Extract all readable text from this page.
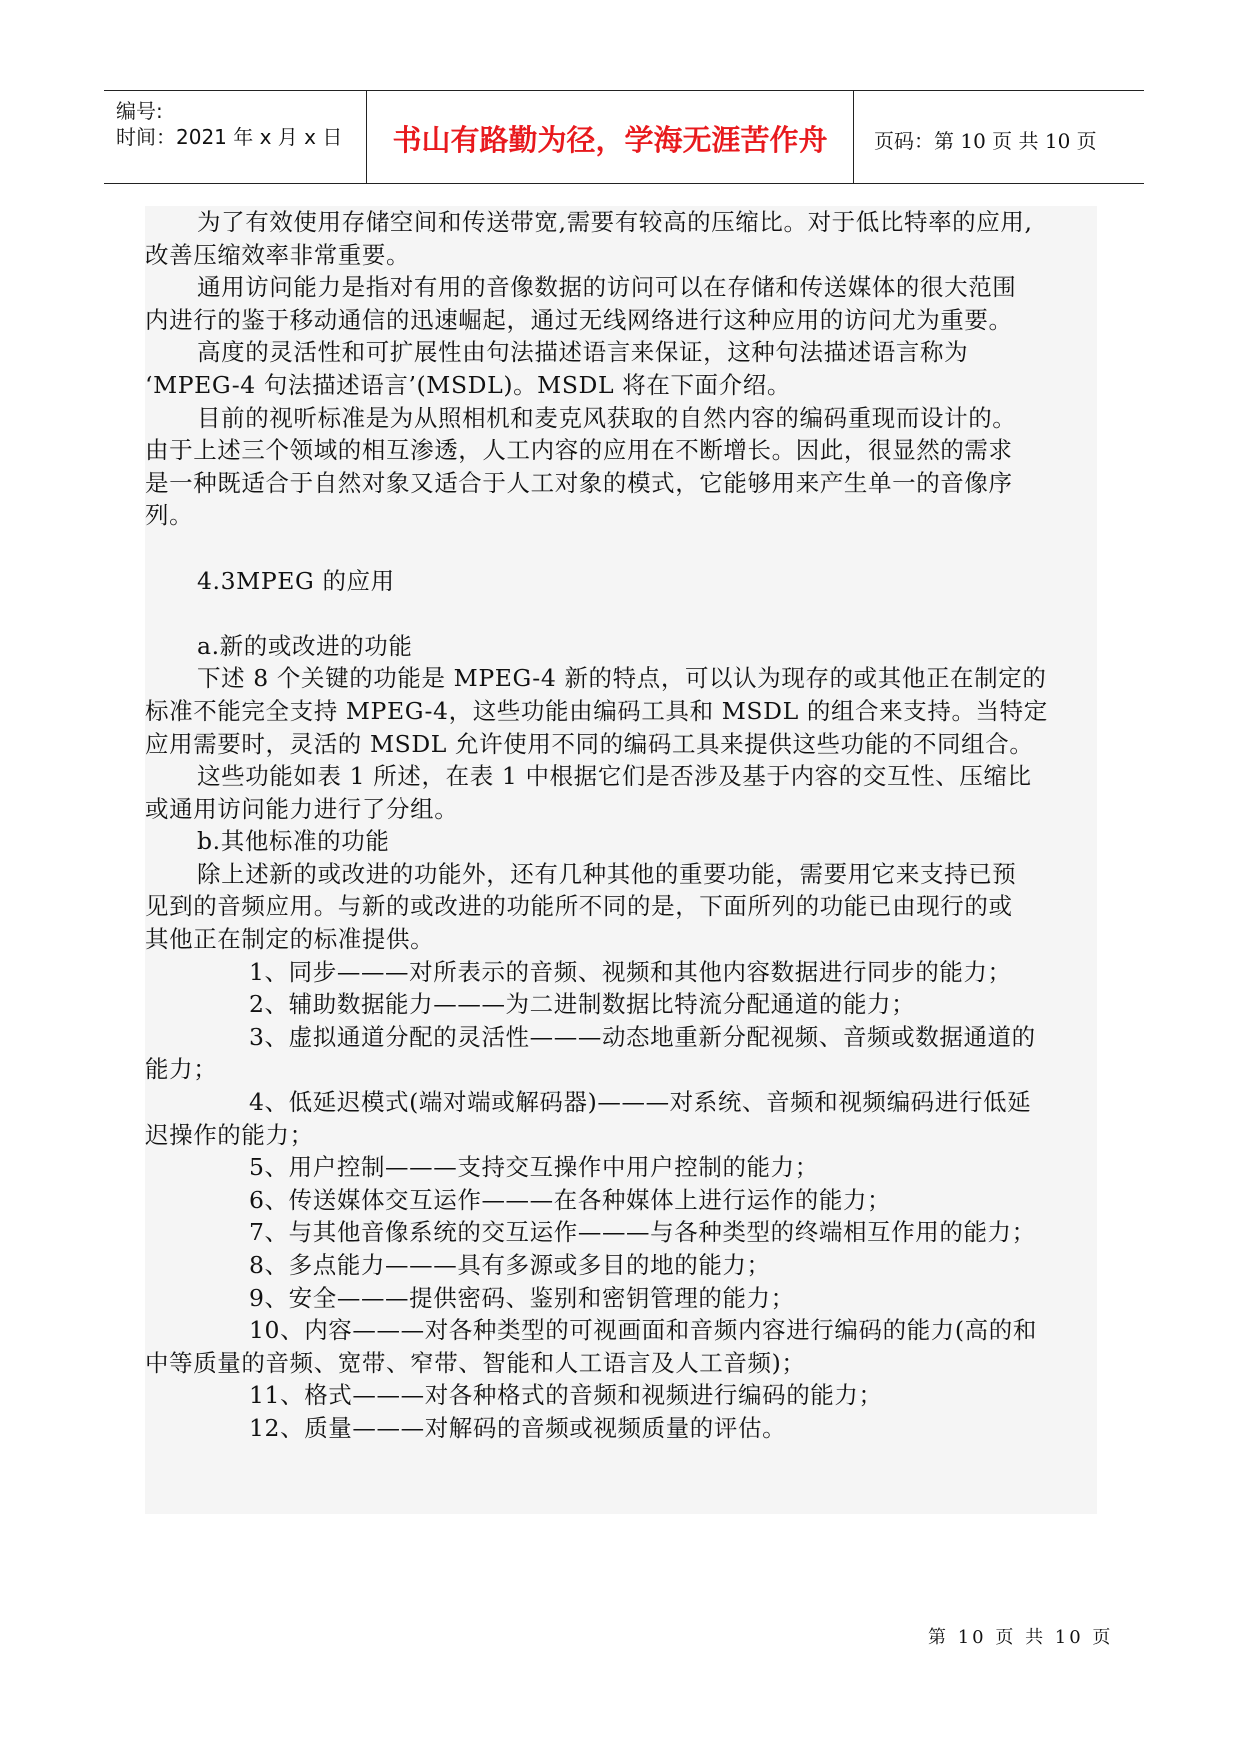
编号:
时间：2021 年 x 月 x 日	书山有路勤为径，学海无涯苦作舟	页码：第 10 页 共 10 页

为了有效使用存储空间和传送带宽,需要有较高的压缩比。对于低比特率的应用,

改善压缩效率非常重要。

通用访问能力是指对有用的音像数据的访问可以在存储和传送媒体的很大范围

内进行的鉴于移动通信的迅速崛起，通过无线网络进行这种应用的访问尤为重要。

高度的灵活性和可扩展性由句法描述语言来保证，这种句法描述语言称为

‘MPEG-4 句法描述语言’(MSDL)。MSDL 将在下面介绍。

目前的视听标准是为从照相机和麦克风获取的自然内容的编码重现而设计的。

由于上述三个领域的相互渗透，人工内容的应用在不断增长。因此，很显然的需求

是一种既适合于自然对象又适合于人工对象的模式，它能够用来产生单一的音像序

列。

4.3MPEG 的应用

a.新的或改进的功能

下述 8 个关键的功能是 MPEG-4 新的特点，可以认为现存的或其他正在制定的

标准不能完全支持 MPEG-4，这些功能由编码工具和 MSDL 的组合来支持。当特定

应用需要时，灵活的 MSDL 允许使用不同的编码工具来提供这些功能的不同组合。

这些功能如表 1 所述，在表 1 中根据它们是否涉及基于内容的交互性、压缩比

或通用访问能力进行了分组。

b.其他标准的功能

除上述新的或改进的功能外，还有几种其他的重要功能，需要用它来支持已预

见到的音频应用。与新的或改进的功能所不同的是，下面所列的功能已由现行的或

其他正在制定的标准提供。

1、同步———对所表示的音频、视频和其他内容数据进行同步的能力；

2、辅助数据能力———为二进制数据比特流分配通道的能力；

3、虚拟通道分配的灵活性———动态地重新分配视频、音频或数据通道的

能力；

4、低延迟模式(端对端或解码器)———对系统、音频和视频编码进行低延

迟操作的能力；

5、用户控制———支持交互操作中用户控制的能力；

6、传送媒体交互运作———在各种媒体上进行运作的能力；

7、与其他音像系统的交互运作———与各种类型的终端相互作用的能力；

8、多点能力———具有多源或多目的地的能力；

9、安全———提供密码、鉴别和密钥管理的能力；

10、内容———对各种类型的可视画面和音频内容进行编码的能力(高的和

中等质量的音频、宽带、窄带、智能和人工语言及人工音频)；

11、格式———对各种格式的音频和视频进行编码的能力；

12、质量———对解码的音频或视频质量的评估。

第 10 页 共 10 页
